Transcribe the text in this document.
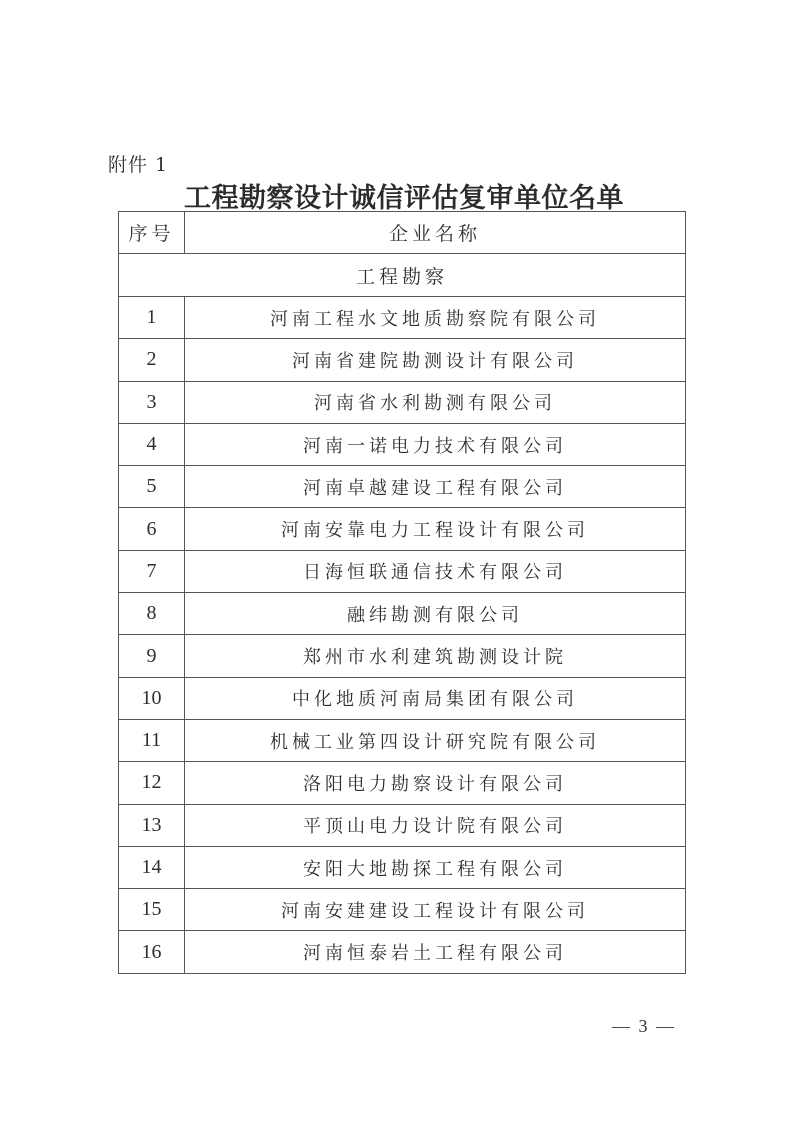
附件 1
工程勘察设计诚信评估复审单位名单
序号	企业名称
工程勘察	
1	河南工程水文地质勘察院有限公司
2	河南省建院勘测设计有限公司
3	河南省水利勘测有限公司
4	河南一诺电力技术有限公司
5	河南卓越建设工程有限公司
6	河南安靠电力工程设计有限公司
7	日海恒联通信技术有限公司
8	融纬勘测有限公司
9	郑州市水利建筑勘测设计院
10	中化地质河南局集团有限公司
11	机械工业第四设计研究院有限公司
12	洛阳电力勘察设计有限公司
13	平顶山电力设计院有限公司
14	安阳大地勘探工程有限公司
15	河南安建建设工程设计有限公司
16	河南恒泰岩土工程有限公司
— 3 —
